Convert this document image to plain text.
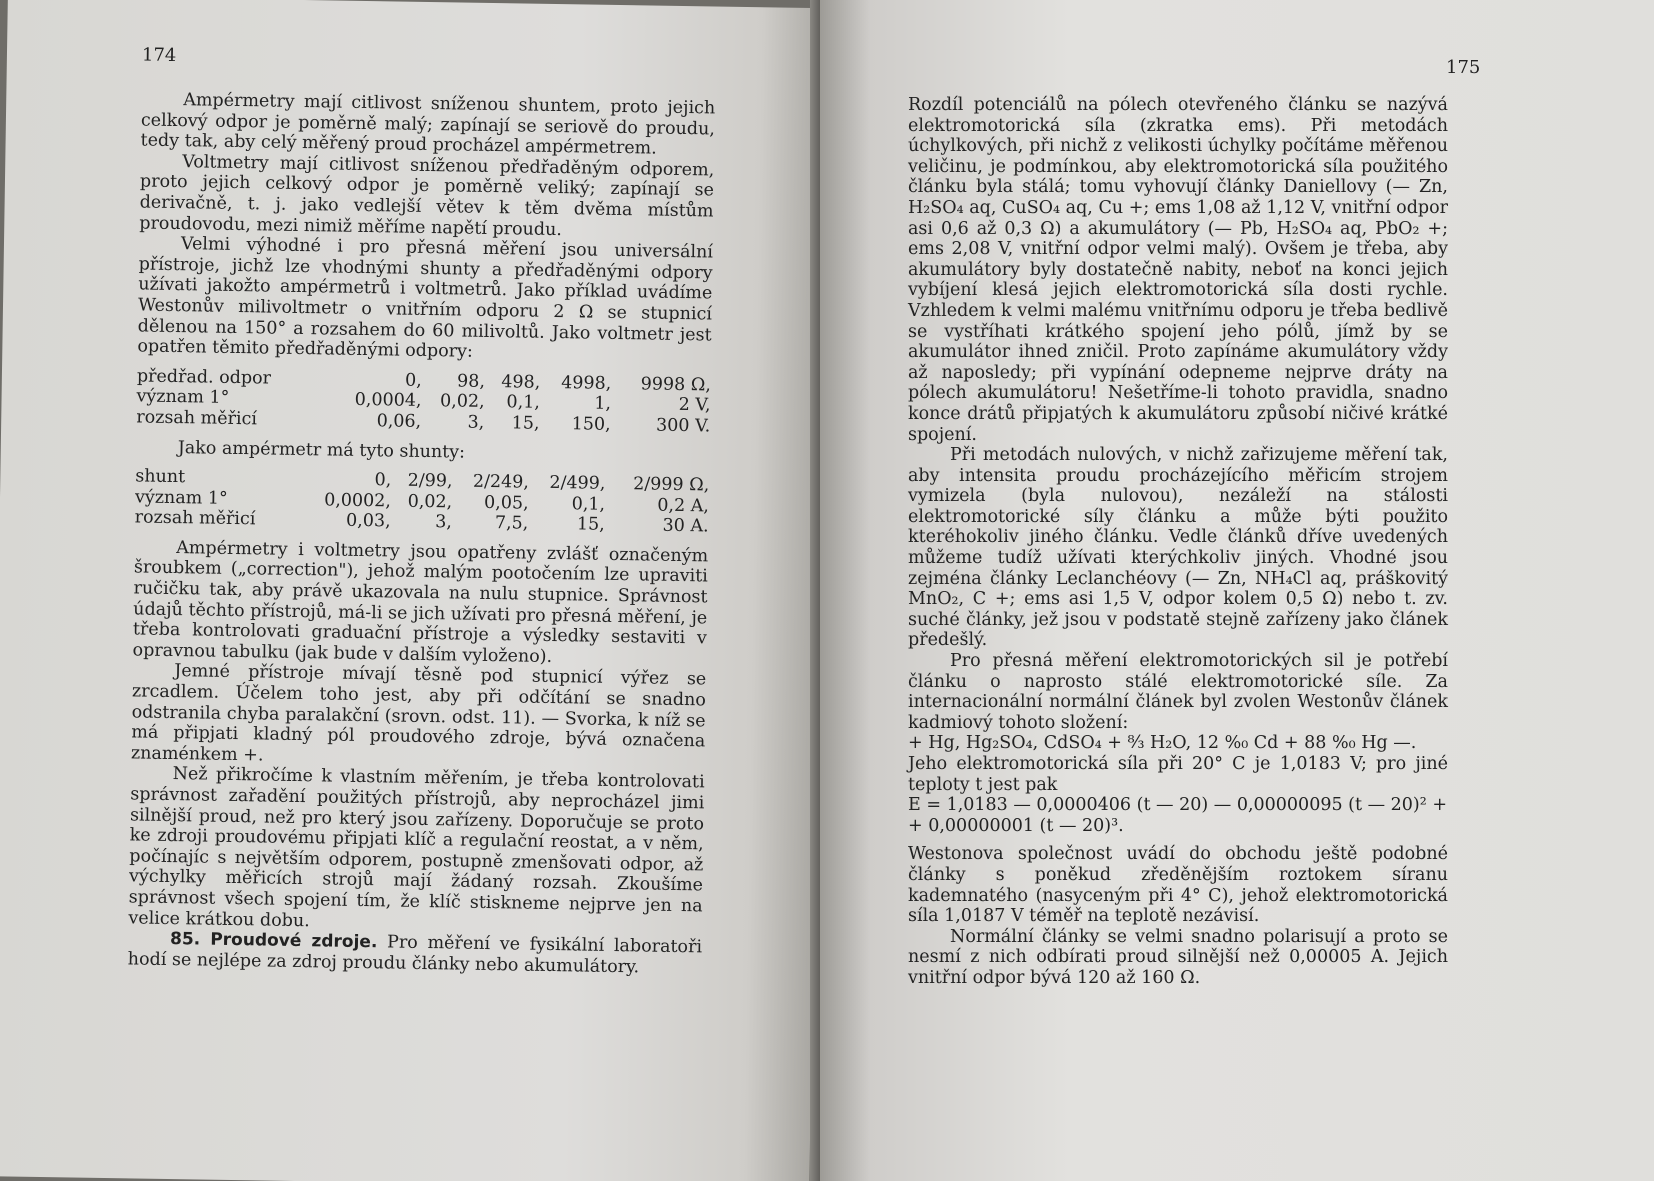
174

Ampérmetry mají citlivost sníženou shuntem, proto jejich celkový odpor je poměrně malý; zapínají se seriově do proudu, tedy tak, aby celý měřený proud procházel ampérmetrem.

Voltmetry mají citlivost sníženou předřaděným odporem, proto jejich celkový odpor je poměrně veliký; zapínají se derivačně, t. j. jako vedlejší větev k těm dvěma místům proudovodu, mezi nimiž měříme napětí proudu.

Velmi výhodné i pro přesná měření jsou universální přístroje, jichž lze vhodnými shunty a předřaděnými odpory užívati jakožto ampérmetrů i voltmetrů. Jako příklad uvádíme Westonův milivoltmetr o vnitřním odporu 2 Ω se stupnicí dělenou na 150° a rozsahem do 60 milivoltů. Jako voltmetr jest opatřen těmito předřaděnými odpory:

předřad. odpor	0,	98,	498,	4998,	9998 Ω,
význam 1°	0,0004,	0,02,	0,1,	1,	2 V,
rozsah měřicí	0,06,	3,	15,	150,	300 V.

Jako ampérmetr má tyto shunty:

shunt	0,	2/99,	2/249,	2/499,	2/999 Ω,
význam 1°	0,0002,	0,02,	0,05,	0,1,	0,2 A,
rozsah měřicí	0,03,	3,	7,5,	15,	30 A.

Ampérmetry i voltmetry jsou opatřeny zvlášť označeným šroubkem („correction"), jehož malým pootočením lze upraviti ručičku tak, aby právě ukazovala na nulu stupnice. Správnost údajů těchto přístrojů, má-li se jich užívati pro přesná měření, je třeba kontrolovati graduační přístroje a výsledky sestaviti v opravnou tabulku (jak bude v dalším vyloženo).

Jemné přístroje mívají těsně pod stupnicí výřez se zrcadlem. Účelem toho jest, aby při odčítání se snadno odstranila chyba paralakční (srovn. odst. 11). — Svorka, k níž se má připjati kladný pól proudového zdroje, bývá označena znaménkem +.

Než přikročíme k vlastním měřením, je třeba kontrolovati správnost zařadění použitých přístrojů, aby neprocházel jimi silnější proud, než pro který jsou zařízeny. Doporučuje se proto ke zdroji proudovému připjati klíč a regulační reostat, a v něm, počínajíc s největším odporem, postupně zmenšovati odpor, až výchylky měřicích strojů mají žádaný rozsah. Zkoušíme správnost všech spojení tím, že klíč stiskneme nejprve jen na velice krátkou dobu.

85. Proudové zdroje. Pro měření ve fysikální laboratoři hodí se nejlépe za zdroj proudu články nebo akumulátory.

175

Rozdíl potenciálů na pólech otevřeného článku se nazývá elektromotorická síla (zkratka ems). Při metodách úchylkových, při nichž z velikosti úchylky počítáme měřenou veličinu, je podmínkou, aby elektromotorická síla použitého článku byla stálá; tomu vyhovují články Daniellovy (— Zn, H₂SO₄ aq, CuSO₄ aq, Cu +; ems 1,08 až 1,12 V, vnitřní odpor asi 0,6 až 0,3 Ω) a akumulátory (— Pb, H₂SO₄ aq, PbO₂ +; ems 2,08 V, vnitřní odpor velmi malý). Ovšem je třeba, aby akumulátory byly dostatečně nabity, neboť na konci jejich vybíjení klesá jejich elektromotorická síla dosti rychle. Vzhledem k velmi malému vnitřnímu odporu je třeba bedlivě se vystříhati krátkého spojení jeho pólů, jímž by se akumulátor ihned zničil. Proto zapínáme akumulátory vždy až naposledy; při vypínání odepneme nejprve dráty na pólech akumulátoru! Nešetříme-li tohoto pravidla, snadno konce drátů připjatých k akumulátoru způsobí ničivé krátké spojení.

Při metodách nulových, v nichž zařizujeme měření tak, aby intensita proudu procházejícího měřicím strojem vymizela (byla nulovou), nezáleží na stálosti elektromotorické síly článku a může býti použito kteréhokoliv jiného článku. Vedle článků dříve uvedených můžeme tudíž užívati kterýchkoliv jiných. Vhodné jsou zejména články Leclanchéovy (— Zn, NH₄Cl aq, práškovitý MnO₂, C +; ems asi 1,5 V, odpor kolem 0,5 Ω) nebo t. zv. suché články, jež jsou v podstatě stejně zařízeny jako článek předešlý.

Pro přesná měření elektromotorických sil je potřebí článku o naprosto stálé elektromotorické síle. Za internacionální normální článek byl zvolen Westonův článek kadmiový tohoto složení:

+ Hg, Hg₂SO₄, CdSO₄ + ⁸⁄₃ H₂O, 12 %₀ Cd + 88 %₀ Hg —.

Jeho elektromotorická síla při 20° C je 1,0183 V; pro jiné teploty t jest pak

E = 1,0183 — 0,0000406 (t — 20) — 0,00000095 (t — 20)² +

+ 0,00000001 (t — 20)³.

Westonova společnost uvádí do obchodu ještě podobné články s poněkud zředěnějším roztokem síranu kademnatého (nasyceným při 4° C), jehož elektromotorická síla 1,0187 V téměř na teplotě nezávisí.

Normální články se velmi snadno polarisují a proto se nesmí z nich odbírati proud silnější než 0,00005 A. Jejich vnitřní odpor bývá 120 až 160 Ω.
